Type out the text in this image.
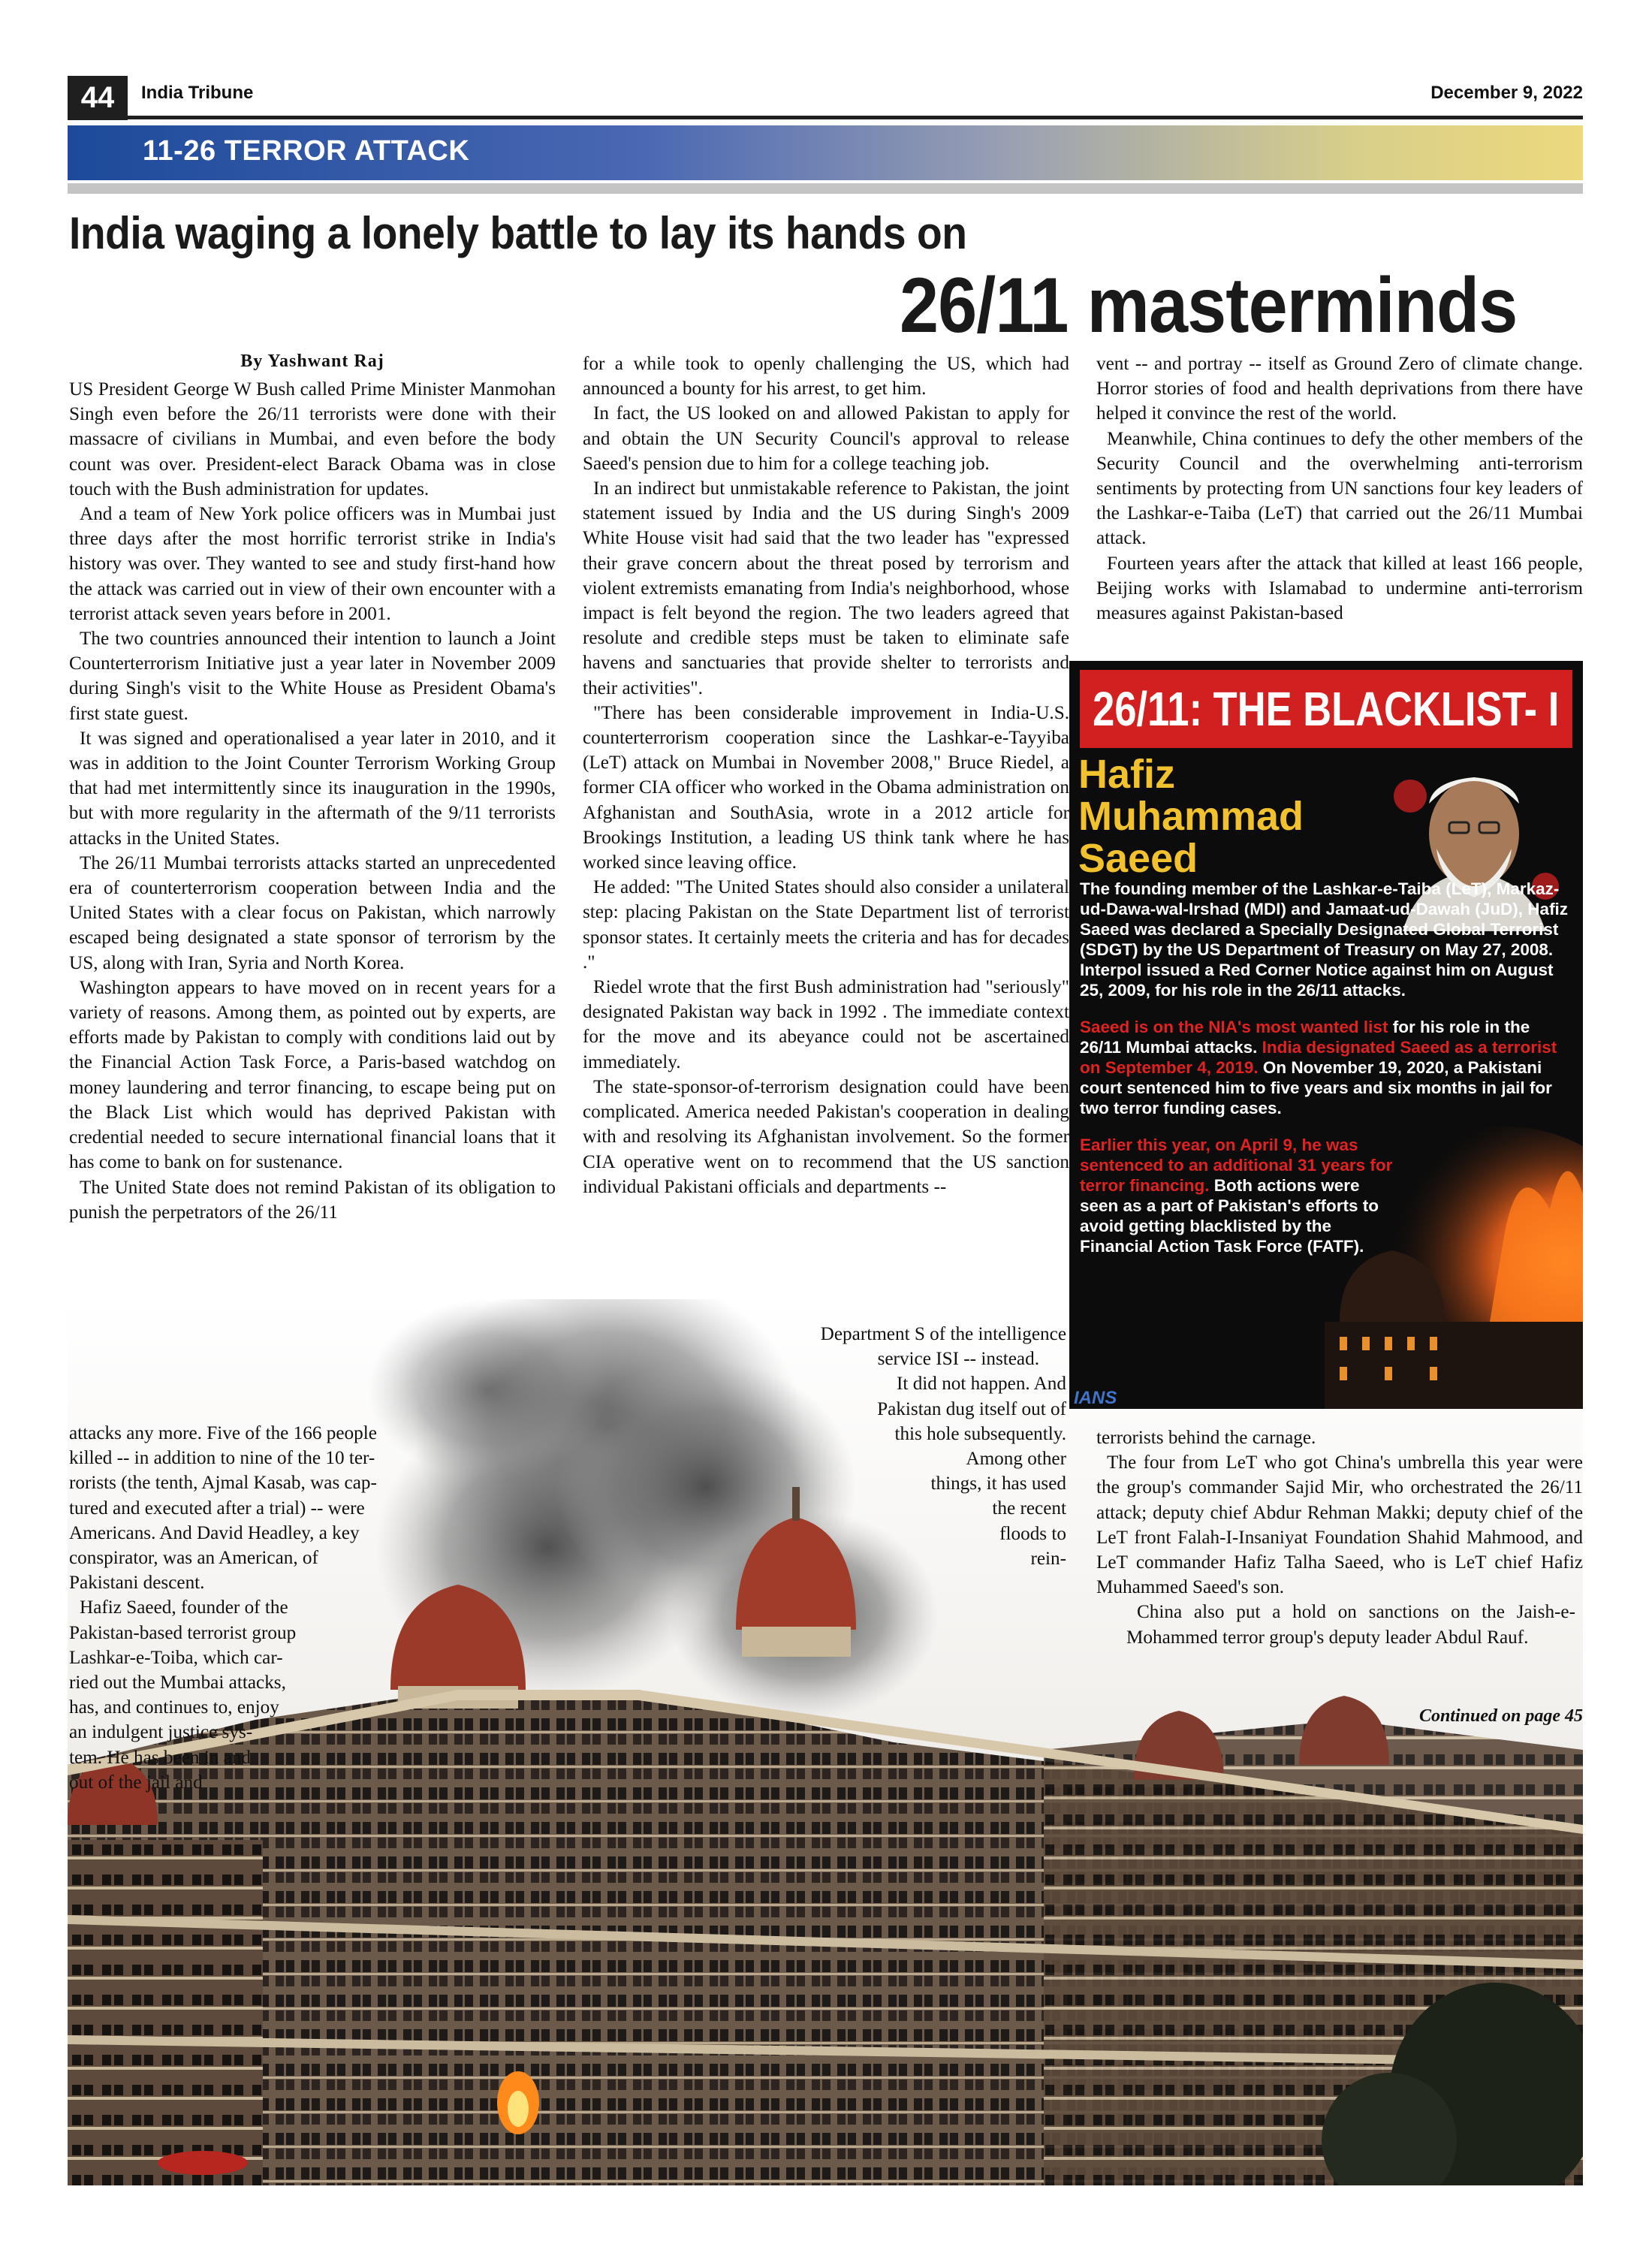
44	India Tribune	December 9, 2022
11-26 TERROR ATTACK
India waging a lonely battle to lay its hands on
26/11 masterminds
By Yashwant Raj

US President George W Bush called Prime Minister Manmohan Singh even before the 26/11 terrorists were done with their massacre of civilians in Mumbai, and even before the body count was over. President-elect Barack Obama was in close touch with the Bush administration for updates.

And a team of New York police officers was in Mumbai just three days after the most horrific terrorist strike in India's history was over. They wanted to see and study first-hand how the attack was carried out in view of their own encounter with a terrorist attack seven years before in 2001.

The two countries announced their intention to launch a Joint Counterterrorism Initiative just a year later in November 2009 during Singh's visit to the White House as President Obama's first state guest.

It was signed and operationalised a year later in 2010, and it was in addition to the Joint Counter Terrorism Working Group that had met intermittently since its inauguration in the 1990s, but with more regularity in the aftermath of the 9/11 terrorists attacks in the United States.

The 26/11 Mumbai terrorists attacks started an unprecedented era of counterterrorism cooperation between India and the United States with a clear focus on Pakistan, which narrowly escaped being designated a state sponsor of terrorism by the US, along with Iran, Syria and North Korea.

Washington appears to have moved on in recent years for a variety of reasons. Among them, as pointed out by experts, are efforts made by Pakistan to comply with conditions laid out by the Financial Action Task Force, a Paris-based watchdog on money laundering and terror financing, to escape being put on the Black List which would has deprived Pakistan with credential needed to secure international financial loans that it has come to bank on for sustenance.

The United State does not remind Pakistan of its obligation to punish the perpetrators of the 26/11

attacks any more. Five of the 166 people
killed -- in addition to nine of the 10 ter-
rorists (the tenth, Ajmal Kasab, was cap-
tured and executed after a trial) -- were
Americans. And David Headley, a key
conspirator, was an American, of
Pakistani descent.
Hafiz Saeed, founder of the
Pakistan-based terrorist group
Lashkar-e-Toiba, which car-
ried out the Mumbai attacks,
has, and continues to, enjoy
an indulgent justice sys-
tem. He has been in and
out of the jail and

for a while took to openly challenging the US, which had announced a bounty for his arrest, to get him.

In fact, the US looked on and allowed Pakistan to apply for and obtain the UN Security Council's approval to release Saeed's pension due to him for a college teaching job.

In an indirect but unmistakable reference to Pakistan, the joint statement issued by India and the US during Singh's 2009 White House visit had said that the two leader has "expressed their grave concern about the threat posed by terrorism and violent extremists emanating from India's neighborhood, whose impact is felt beyond the region. The two leaders agreed that resolute and credible steps must be taken to eliminate safe havens and sanctuaries that provide shelter to terrorists and their activities".

"There has been considerable improvement in India-U.S. counterterrorism cooperation since the Lashkar-e-Tayyiba (LeT) attack on Mumbai in November 2008," Bruce Riedel, a former CIA officer who worked in the Obama administration on Afghanistan and SouthAsia, wrote in a 2012 article for Brookings Institution, a leading US think tank where he has worked since leaving office.

He added: "The United States should also consider a unilateral step: placing Pakistan on the State Department list of terrorist sponsor states. It certainly meets the criteria and has for decades ."

Riedel wrote that the first Bush administration had "seriously" designated Pakistan way back in 1992 . The immediate context for the move and its abeyance could not be ascertained immediately.

The state-sponsor-of-terrorism designation could have been complicated. America needed Pakistan's cooperation in dealing with and resolving its Afghanistan involvement. So the former CIA operative went on to recommend that the US sanction individual Pakistani officials and departments --

Department S of the intelligence
service ISI -- instead.
It did not happen. And
Pakistan dug itself out of
this hole subsequently.
Among other
things, it has used
the recent
floods to
rein-

vent -- and portray -- itself as Ground Zero of climate change. Horror stories of food and health deprivations from there have helped it convince the rest of the world.

Meanwhile, China continues to defy the other members of the Security Council and the overwhelming anti-terrorism sentiments by protecting from UN sanctions four key leaders of the Lashkar-e-Taiba (LeT) that carried out the 26/11 Mumbai attack.

Fourteen years after the attack that killed at least 166 people, Beijing works with Islamabad to undermine anti-terrorism measures against Pakistan-based

26/11: THE BLACKLIST- I
Hafiz
Muhammad
Saeed

The founding member of the Lashkar-e-Taiba (LeT), Markaz-ud-Dawa-wal-Irshad (MDI) and Jamaat-ud-Dawah (JuD), Hafiz Saeed was declared a Specially Designated Global Terrorist (SDGT) by the US Department of Treasury on May 27, 2008. Interpol issued a Red Corner Notice against him on August 25, 2009, for his role in the 26/11 attacks.

Saeed is on the NIA's most wanted list for his role in the 26/11 Mumbai attacks. India designated Saeed as a terrorist on September 4, 2019. On November 19, 2020, a Pakistani court sentenced him to five years and six months in jail for two terror funding cases.

Earlier this year, on April 9, he was sentenced to an additional 31 years for terror financing. Both actions were seen as a part of Pakistan's efforts to avoid getting blacklisted by the Financial Action Task Force (FATF).

IANS

terrorists behind the carnage.

The four from LeT who got China's umbrella this year were the group's commander Sajid Mir, who orchestrated the 26/11 attack; deputy chief Abdur Rehman Makki; deputy chief of the LeT front Falah-I-Insaniyat Foundation Shahid Mahmood, and LeT commander Hafiz Talha Saeed, who is LeT chief Hafiz Muhammed Saeed's son.

China also put a hold on sanctions on the Jaish-e-Mohammed terror group's deputy leader Abdul Rauf.

Continued on page 45
